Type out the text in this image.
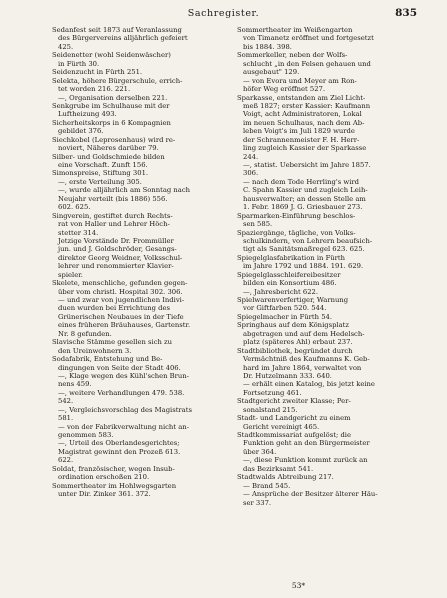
Sachregister.	835
Sedanfest seit 1873 auf Veranlassung
des Bürgervereins alljährlich gefeiert
425.
Seidenetter (wohl Seidenwäscher)
in Fürth 30.
Seidenzucht in Fürth 251.
Selekta, höhere Bürgerschule, errich-
tet worden 216. 221.
—, Organisation derselben 221.
Senkgrube im Schulhause mit der
Luftheizung 493.
Sicherheitskorps in 6 Kompagnien
gebildet 376.
Siechkobel (Leprosenhaus) wird re-
noviert, Näheres darüber 79.
Silber- und Goldschmiede bilden
eine Vorschaft. Zunft 156.
Simonspreise, Stiftung 301.
—, erste Verteilung 305.
—, wurde alljährlich am Sonntag nach
Neujahr verteilt (bis 1886) 556.
602. 625.
Singverein, gestiftet durch Rechts-
rat von Haller und Lehrer Höch-
stetter 314.
Jetzige Vorstände Dr. Frommüller
jun. und J. Goldschröder, Gesangs-
direktor Georg Weidner, Volksschul-
lehrer und renommierter Klavier-
spieler.
Skelete, menschliche, gefunden gegen-
über vom christl. Hospital 302. 306.
— und zwar von jugendlichen Indivi-
duen wurden bei Errichtung des
Grünerischen Neubaues in der Tiefe
eines früheren Bräuhauses, Gartenstr.
Nr. 8 gefunden.
Slavische Stämme gesellen sich zu
den Ureinwohnern 3.
Sodafabrik, Entstehung und Be-
dingungen von Seite der Stadt 406.
—, Klage wegen des Kühl'schen Brun-
nens 459.
—, weitere Verhandlungen 479. 538.
542.
—, Vergleichsvorschlag des Magistrats
581.
— von der Fabrikverwaltung nicht an-
genommen 583.
—, Urteil des Oberlandesgerichtes;
Magistrat gewinnt den Prozeß 613.
622.
Soldat, französischer, wegen Insub-
ordination erschoßen 210.
Sommertheater im Hohlwegsgarten
unter Dir. Zinker 361. 372.
Sommertheater im Weißengarten
von Timanetz eröffnet und fortgesetzt
bis 1884. 398.
Sommerkeller, neben der Wolfs-
schlucht „in den Felsen gehauen und
ausgebaut" 129.
— von Evora und Meyer am Ron-
höfer Weg eröffnet 527.
Sparkasse, entstanden am Ziel Licht-
meß 1827; erster Kassier: Kaufmann
Voigt, acht Administratoren, Lokal
im neuen Schulhaus, nach dem Ab-
leben Voigt's im Juli 1829 wurde
der Schrannenmeister F. H. Herr-
ling zugleich Kassier der Sparkasse
244.
—, statist. Uebersicht im Jahre 1857.
306.
— nach dem Tode Herrling's wird
C. Spahn Kassier und zugleich Leih-
hausverwalter; an dessen Stelle am
1. Febr. 1869 J. G. Griesbauer 273.
Sparmarken-Einführung beschlos-
sen 585.
Spaziergänge, tägliche, von Volks-
schulkindern, von Lehrern beaufsich-
tigt als Sanitätsmaßregel 623. 625.
Spiegelglasfabrikation in Fürth
im Jahre 1792 und 1884. 191. 629.
Spiegelglasschleifereibesitzer
bilden ein Konsortium 486.
—, Jahresbericht 622.
Spielwarenverfertiger, Warnung
vor Giftfarben 520. 544.
Spiegelmacher in Fürth 54.
Springhaus auf dem Königsplatz
abgetragen und auf dem Hedelsch-
platz (späteres Ahl) erbaut 237.
Stadtbibliothek, begründet durch
Vermächtniß des Kaufmanns K. Geb-
hard im Jahre 1864, verwaltet von
Dr. Hutzelmann 333. 640.
— erhält einen Katalog, bis jetzt keine
Fortsetzung 461.
Stadtgericht zweiter Klasse; Per-
sonalstand 215.
Stadt- und Landgericht zu einem
Gericht vereinigt 465.
Stadtkommissariat aufgelöst; die
Funktion geht an den Bürgermeister
über 364.
—, diese Funktion kommt zurück an
das Bezirksamt 541.
Stadtwalds Abtreibung 217.
— Brand 545.
— Ansprüche der Besitzer älterer Häu-
ser 337.
53*
